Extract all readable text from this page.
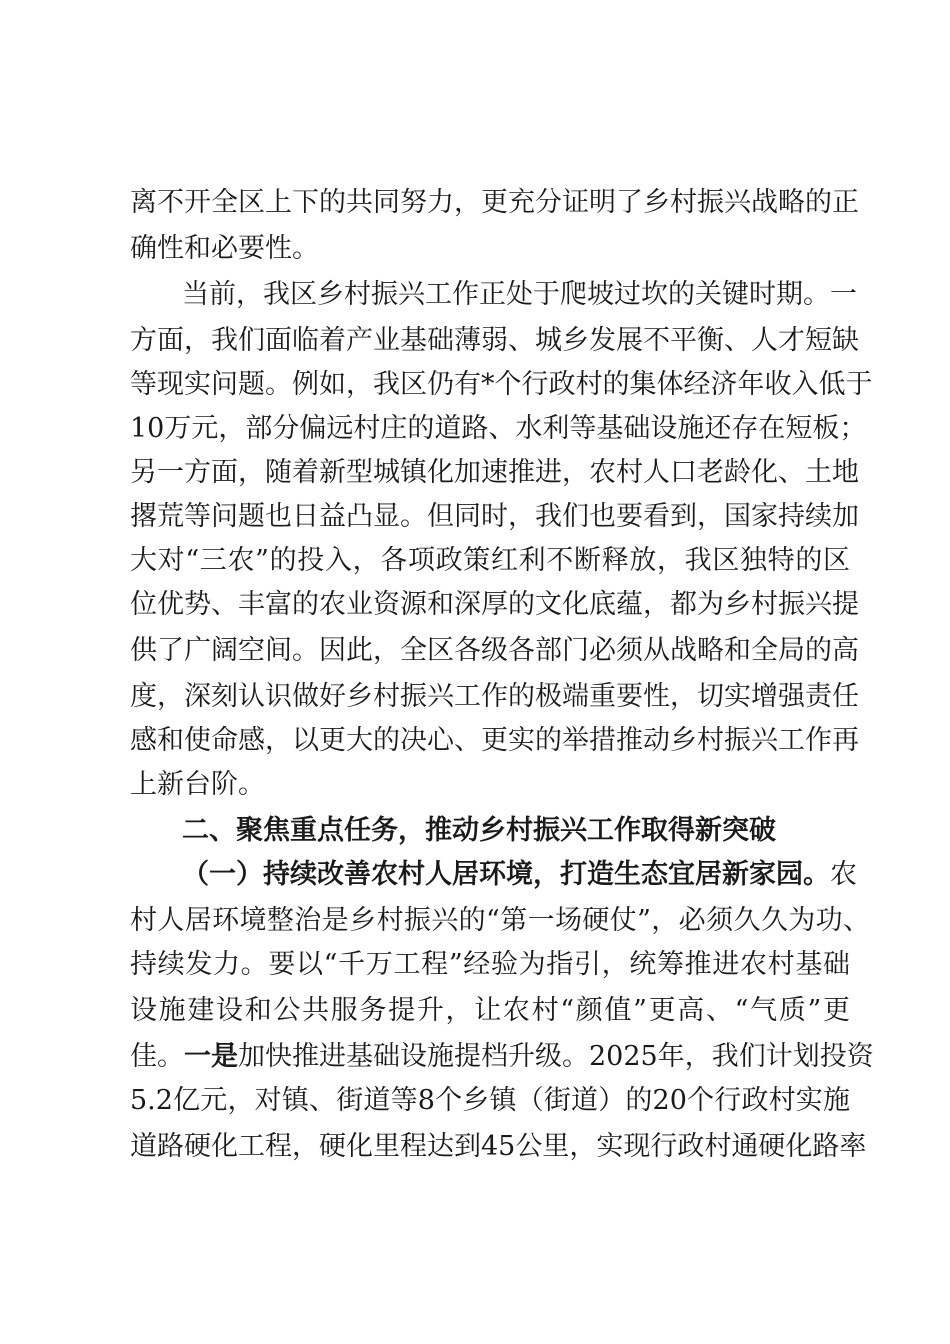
离不开全区上下的共同努力，更充分证明了乡村振兴战略的正
确性和必要性。
当前，我区乡村振兴工作正处于爬坡过坎的关键时期。一
方面，我们面临着产业基础薄弱、城乡发展不平衡、人才短缺
等现实问题。例如，我区仍有*个行政村的集体经济年收入低于
10万元，部分偏远村庄的道路、水利等基础设施还存在短板；
另一方面，随着新型城镇化加速推进，农村人口老龄化、土地
撂荒等问题也日益凸显。但同时，我们也要看到，国家持续加
大对“三农”的投入，各项政策红利不断释放，我区独特的区
位优势、丰富的农业资源和深厚的文化底蕴，都为乡村振兴提
供了广阔空间。因此，全区各级各部门必须从战略和全局的高
度，深刻认识做好乡村振兴工作的极端重要性，切实增强责任
感和使命感，以更大的决心、更实的举措推动乡村振兴工作再
上新台阶。
二、聚焦重点任务，推动乡村振兴工作取得新突破
（一）持续改善农村人居环境，打造生态宜居新家园。农
村人居环境整治是乡村振兴的“第一场硬仗”，必须久久为功、
持续发力。要以“千万工程”经验为指引，统筹推进农村基础
设施建设和公共服务提升，让农村“颜值”更高、“气质”更
佳。一是加快推进基础设施提档升级。2025年，我们计划投资
5.2亿元，对镇、街道等8个乡镇（街道）的20个行政村实施
道路硬化工程，硬化里程达到45公里，实现行政村通硬化路率
